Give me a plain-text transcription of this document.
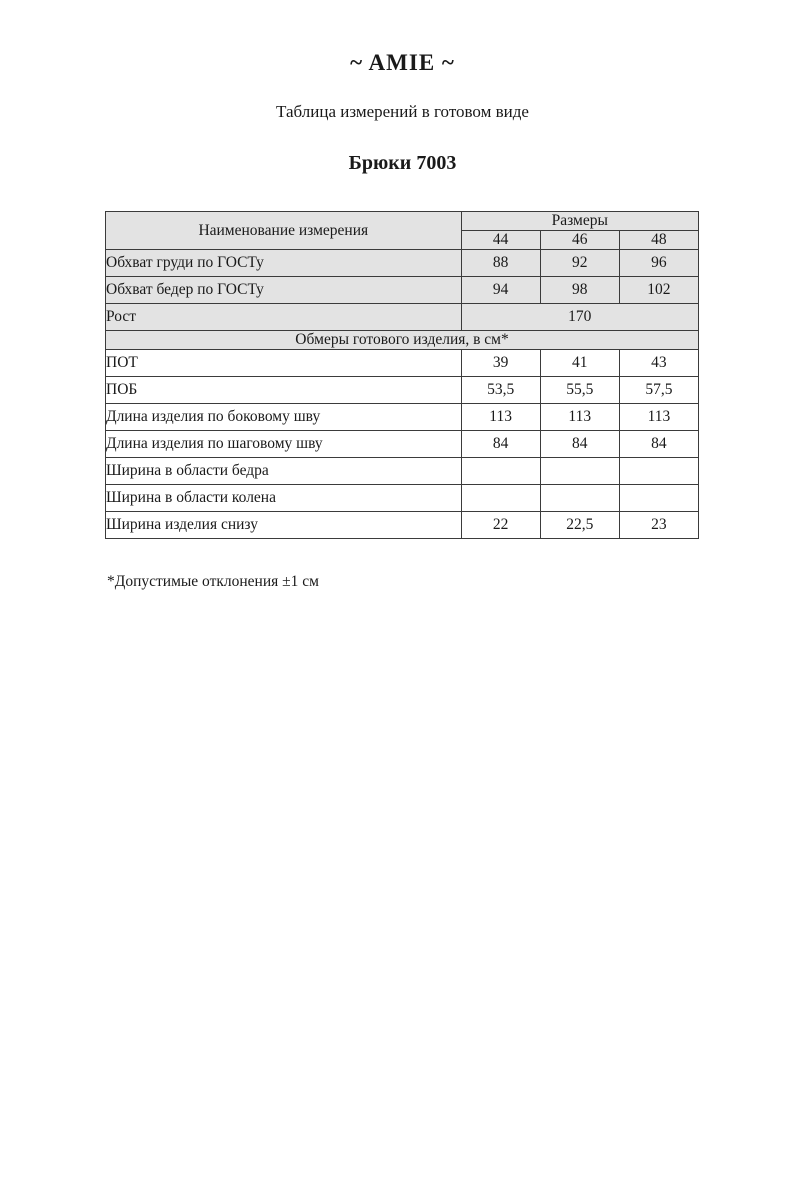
~ AMIE ~
Таблица измерений в готовом виде
Брюки 7003
Наименование измерения	Размеры		
	44	46	48
Обхват груди по ГОСТу	88	92	96
Обхват бедер по ГОСТу	94	98	102
Рост	170		
Обмеры готового изделия, в см*			
ПОТ	39	41	43
ПОБ	53,5	55,5	57,5
Длина изделия по боковому шву	113	113	113
Длина изделия по шаговому шву	84	84	84
Ширина в области бедра			
Ширина в области колена			
Ширина изделия снизу	22	22,5	23
*Допустимые отклонения ±1 см
